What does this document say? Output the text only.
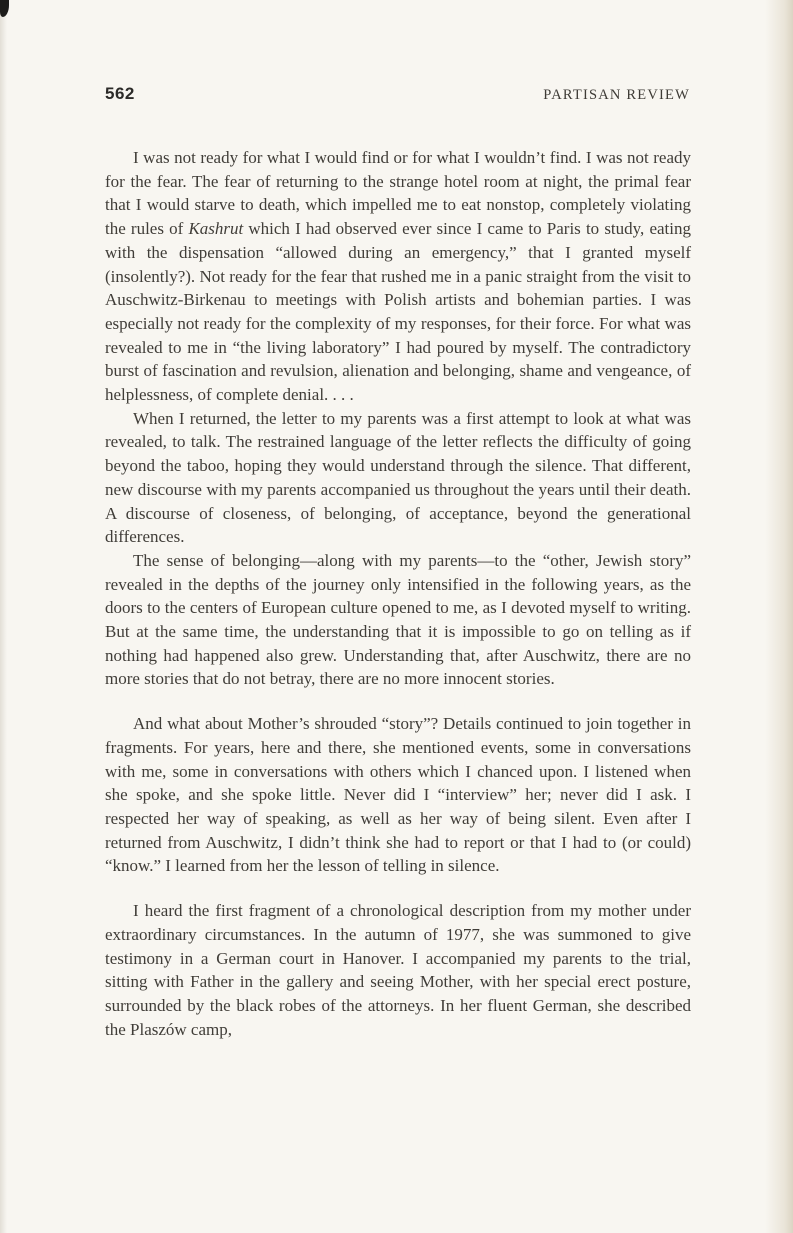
562	PARTISAN REVIEW

I was not ready for what I would find or for what I wouldn’t find. I was not ready for the fear. The fear of returning to the strange hotel room at night, the primal fear that I would starve to death, which impelled me to eat nonstop, completely violating the rules of Kashrut which I had observed ever since I came to Paris to study, eating with the dispensation “allowed during an emergency,” that I granted myself (insolently?). Not ready for the fear that rushed me in a panic straight from the visit to Auschwitz-Birkenau to meetings with Polish artists and bohemian parties. I was especially not ready for the complexity of my responses, for their force. For what was revealed to me in “the living laboratory” I had poured by myself. The contradictory burst of fascination and revulsion, alienation and belonging, shame and vengeance, of helplessness, of complete denial. . . .

When I returned, the letter to my parents was a first attempt to look at what was revealed, to talk. The restrained language of the letter reflects the difficulty of going beyond the taboo, hoping they would understand through the silence. That different, new discourse with my parents accompanied us throughout the years until their death. A discourse of closeness, of belonging, of acceptance, beyond the generational differences.

The sense of belonging—along with my parents—to the “other, Jewish story” revealed in the depths of the journey only intensified in the following years, as the doors to the centers of European culture opened to me, as I devoted myself to writing. But at the same time, the understanding that it is impossible to go on telling as if nothing had happened also grew. Understanding that, after Auschwitz, there are no more stories that do not betray, there are no more innocent stories.

And what about Mother’s shrouded “story”? Details continued to join together in fragments. For years, here and there, she mentioned events, some in conversations with me, some in conversations with others which I chanced upon. I listened when she spoke, and she spoke little. Never did I “interview” her; never did I ask. I respected her way of speaking, as well as her way of being silent. Even after I returned from Auschwitz, I didn’t think she had to report or that I had to (or could) “know.” I learned from her the lesson of telling in silence.

I heard the first fragment of a chronological description from my mother under extraordinary circumstances. In the autumn of 1977, she was summoned to give testimony in a German court in Hanover. I accompanied my parents to the trial, sitting with Father in the gallery and seeing Mother, with her special erect posture, surrounded by the black robes of the attorneys. In her fluent German, she described the Plaszów camp,
